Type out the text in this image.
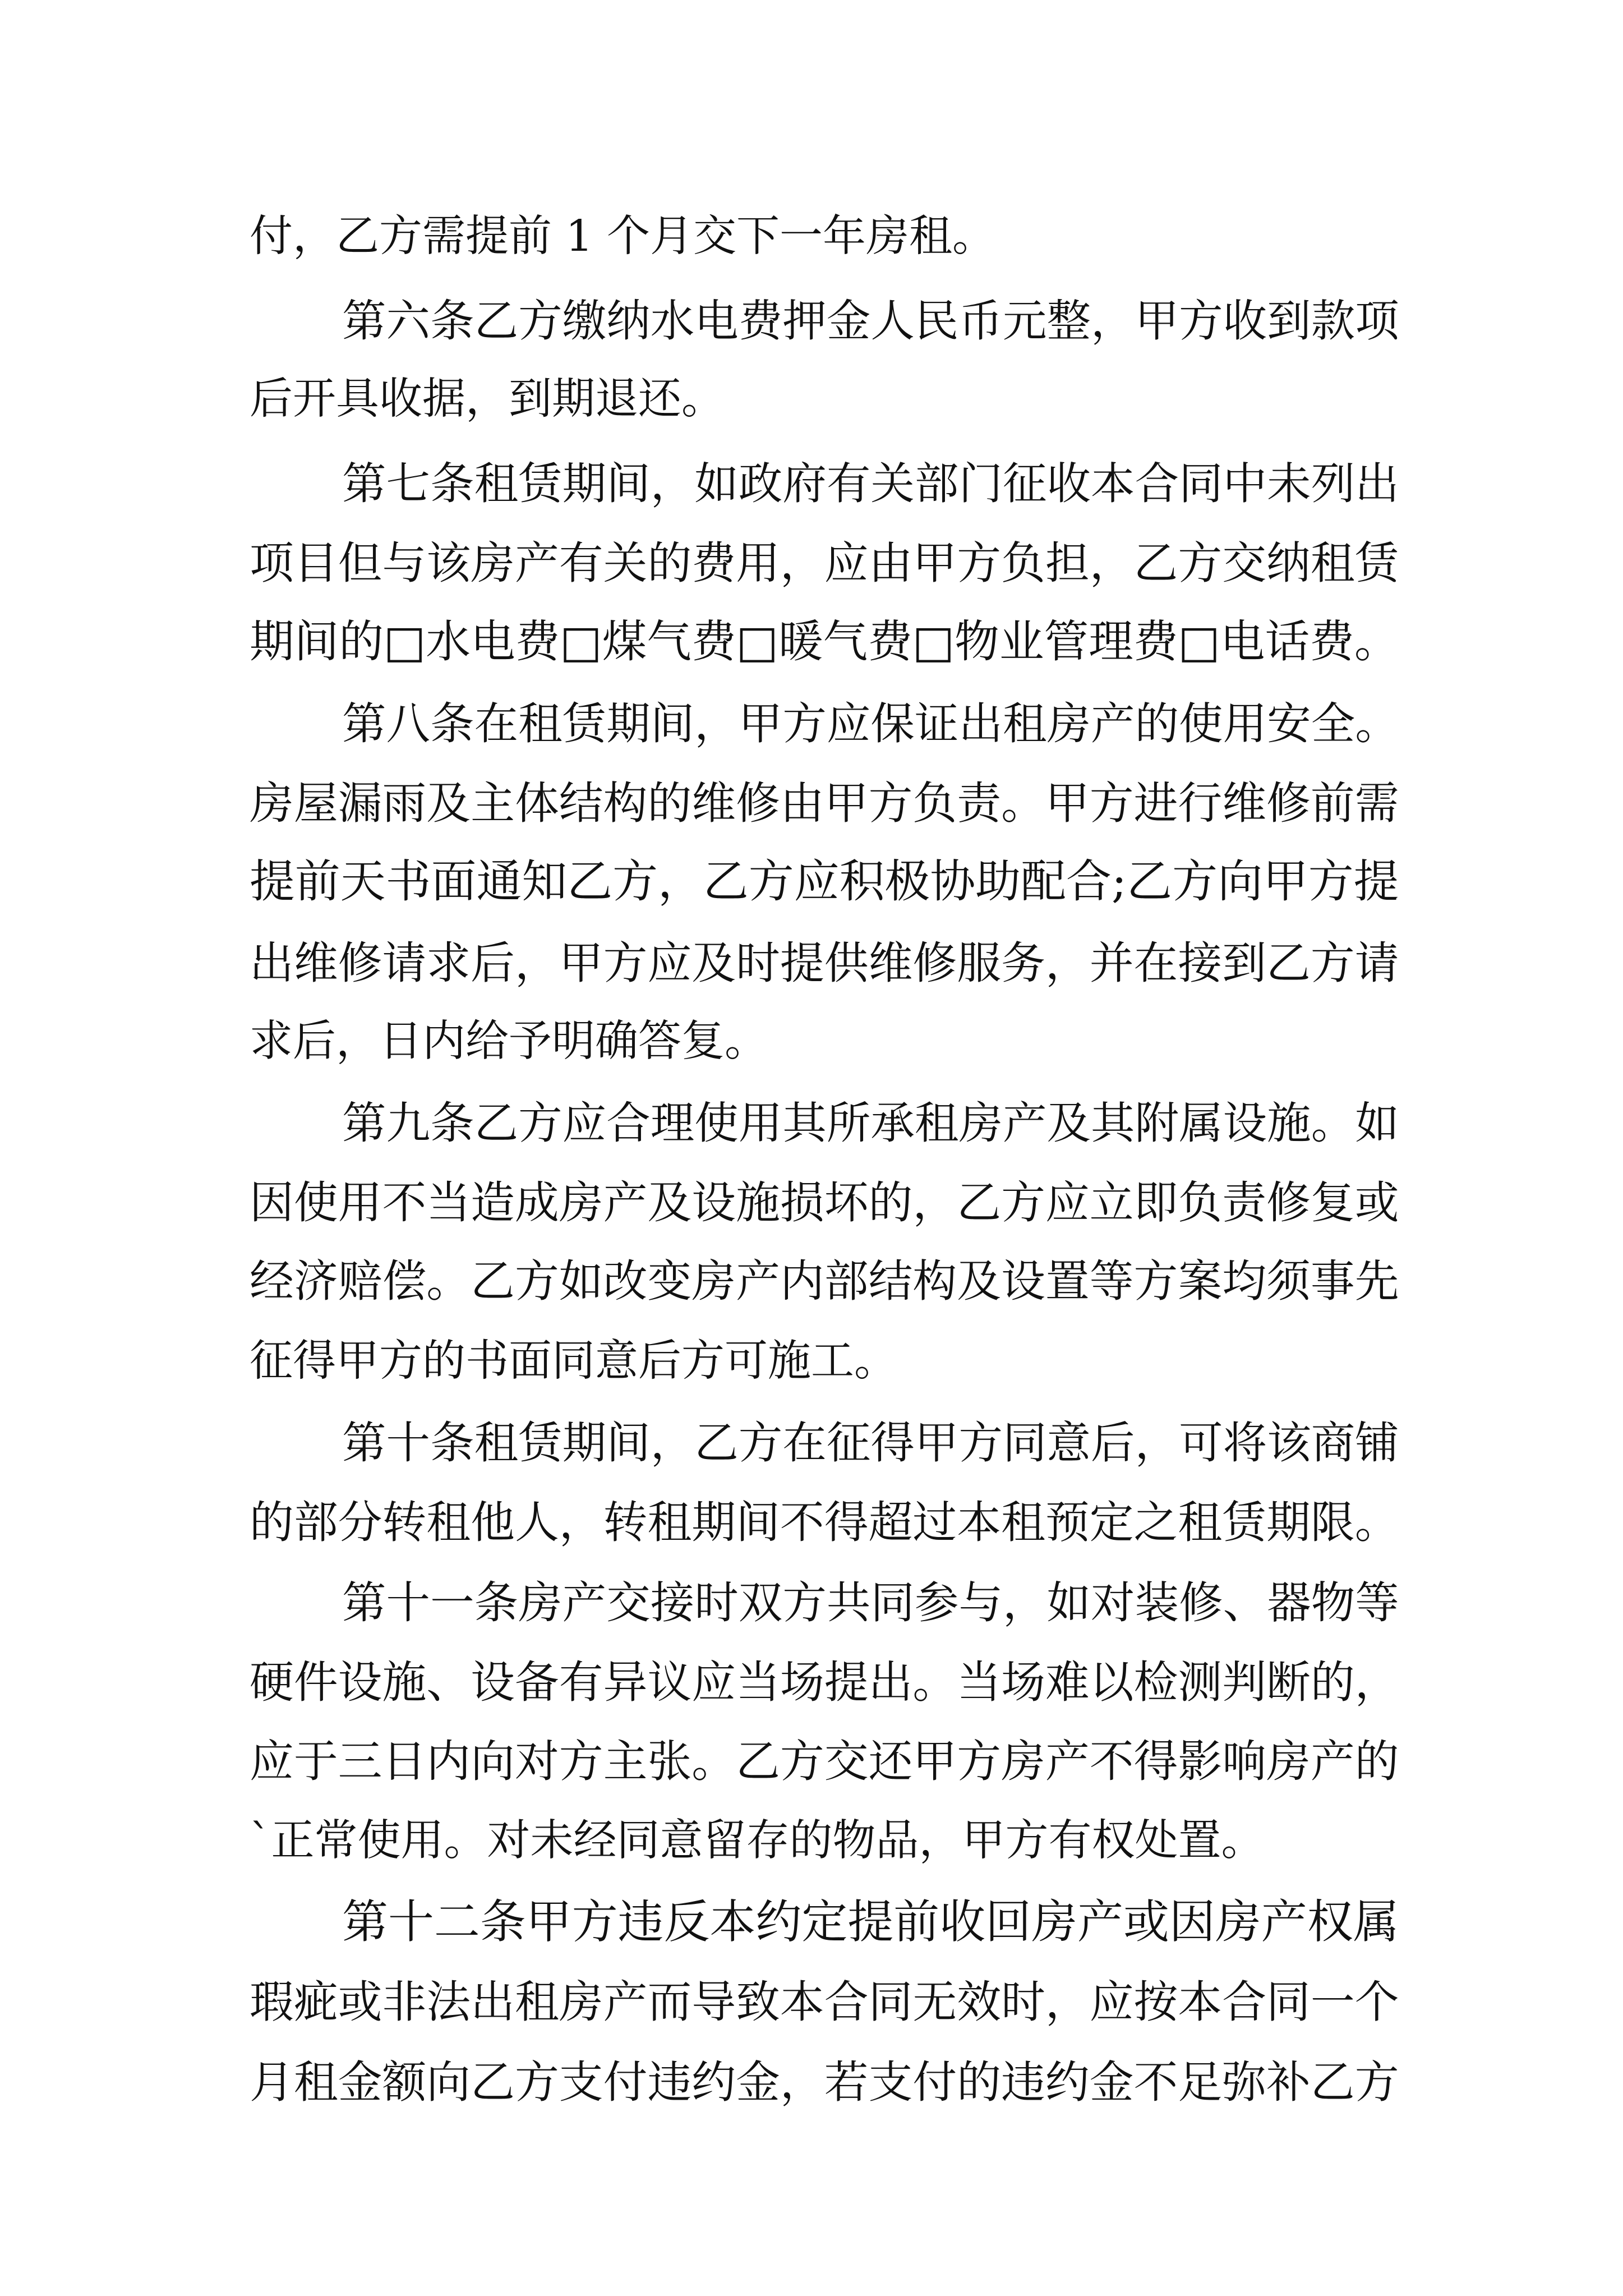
付，乙方需提前 1 个月交下一年房租。
第六条乙方缴纳水电费押金人民币元整，甲方收到款项
后开具收据，到期退还。
第七条租赁期间，如政府有关部门征收本合同中未列出
项目但与该房产有关的费用，应由甲方负担，乙方交纳租赁
期间的□水电费□煤气费□暖气费□物业管理费□电话费。
第八条在租赁期间，甲方应保证出租房产的使用安全。
房屋漏雨及主体结构的维修由甲方负责。甲方进行维修前需
提前天书面通知乙方，乙方应积极协助配合;乙方向甲方提
出维修请求后，甲方应及时提供维修服务，并在接到乙方请
求后，日内给予明确答复。
第九条乙方应合理使用其所承租房产及其附属设施。如
因使用不当造成房产及设施损坏的，乙方应立即负责修复或
经济赔偿。乙方如改变房产内部结构及设置等方案均须事先
征得甲方的书面同意后方可施工。
第十条租赁期间，乙方在征得甲方同意后，可将该商铺
的部分转租他人，转租期间不得超过本租预定之租赁期限。
第十一条房产交接时双方共同参与，如对装修、器物等
硬件设施、设备有异议应当场提出。当场难以检测判断的，
应于三日内向对方主张。乙方交还甲方房产不得影响房产的
`正常使用。对未经同意留存的物品，甲方有权处置。
第十二条甲方违反本约定提前收回房产或因房产权属
瑕疵或非法出租房产而导致本合同无效时，应按本合同一个
月租金额向乙方支付违约金，若支付的违约金不足弥补乙方
